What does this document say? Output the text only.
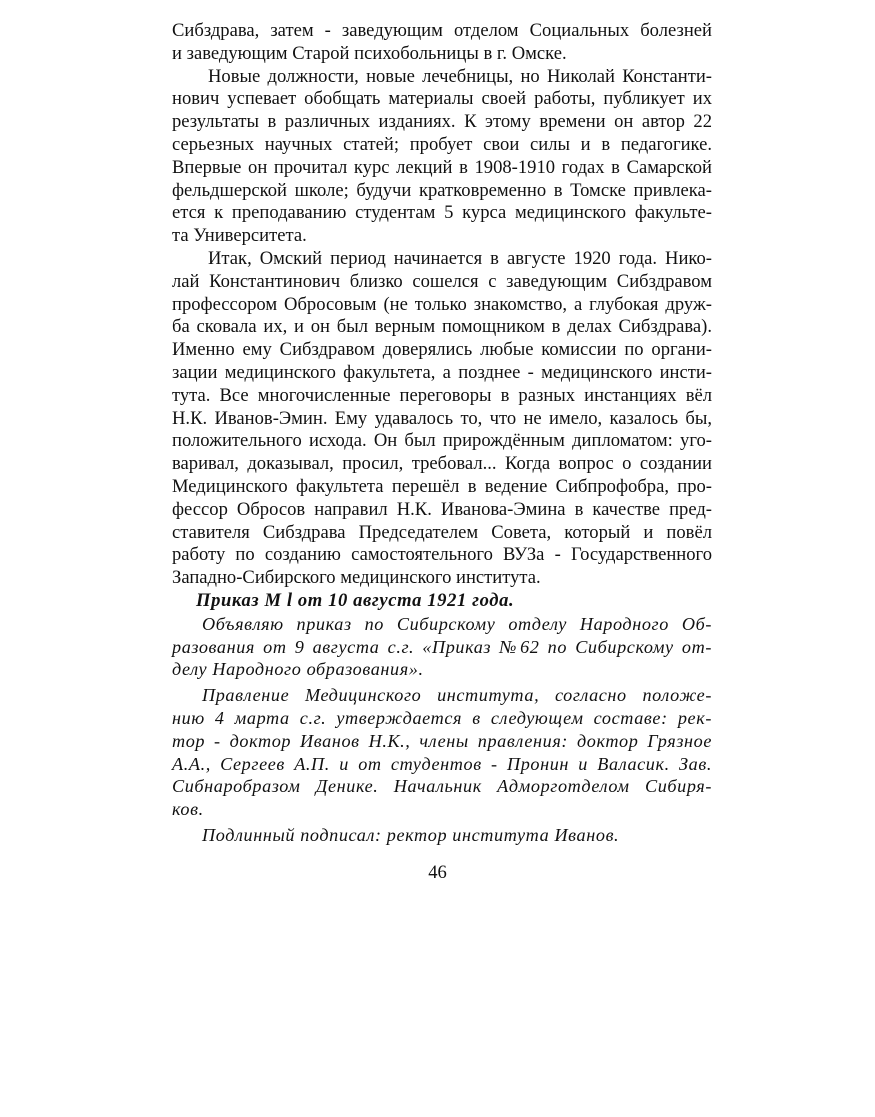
Сибздрава, затем - заведующим отделом Социальных болезней
и заведующим Старой психобольницы в г. Омске.
Новые должности, новые лечебницы, но Николай Константи-
нович успевает обобщать материалы своей работы, публикует их
результаты в различных изданиях. К этому времени он автор 22
серьезных научных статей; пробует свои силы и в педагогике.
Впервые он прочитал курс лекций в 1908-1910 годах в Самарской
фельдшерской школе; будучи кратковременно в Томске привлека-
ется к преподаванию студентам 5 курса медицинского факульте-
та Университета.
Итак, Омский период начинается в августе 1920 года. Нико-
лай Константинович близко сошелся с заведующим Сибздравом
профессором Обросовым (не только знакомство, а глубокая друж-
ба сковала их, и он был верным помощником в делах Сибздрава).
Именно ему Сибздравом доверялись любые комиссии по органи-
зации медицинского факультета, а позднее - медицинского инсти-
тута. Все многочисленные переговоры в разных инстанциях вёл
Н.К. Иванов-Эмин. Ему удавалось то, что не имело, казалось бы,
положительного исхода. Он был прирождённым дипломатом: уго-
варивал, доказывал, просил, требовал... Когда вопрос о создании
Медицинского факультета перешёл в ведение Сибпрофобра, про-
фессор Обросов направил Н.К. Иванова-Эмина в качестве пред-
ставителя Сибздрава Председателем Совета, который и повёл
работу по созданию самостоятельного ВУЗа - Государственного
Западно-Сибирского медицинского института.
Приказ М l от 10 августа 1921 года.
Объявляю приказ по Сибирскому отделу Народного Об-
разования от 9 августа с.г. «Приказ №62 по Сибирскому от-
делу Народного образования».
Правление Медицинского института, согласно положе-
нию 4 марта с.г. утверждается в следующем составе: рек-
тор - доктор Иванов Н.К., члены правления: доктор Грязное
А.А., Сергеев А.П. и от студентов - Пронин и Валасик. Зав.
Сибнаробразом Денике. Начальник Адморготделом Сибиря-
ков.
Подлинный подписал: ректор института Иванов.
46
